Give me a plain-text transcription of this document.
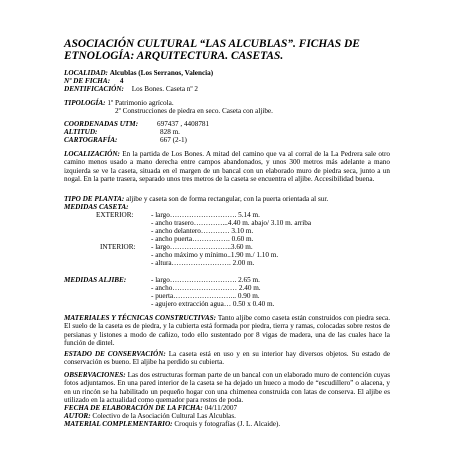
ASOCIACIÓN CULTURAL “LAS ALCUBLAS”. FICHAS DE
ETNOLOGÍA: ARQUITECTURA. CASETAS.
LOCALIDAD: Alcublas (Los Serranos, Valencia)
Nº DE FICHA: 4
DENTIFICACIÓN: Los Bones. Caseta nº 2
TIPOLOGÍA: 1º Patrimonio agrícola.
2º Construcciones de piedra en seco. Caseta con aljibe.
COORDENADAS UTM:	697437 , 4408781
ALTITUD:	828 m.
CARTOGRAFÍA:	667 (2-1)
LOCALIZACIÓN: En la partida de Los Bones. A mitad del camino que va al corral de la La Pedrera sale otro camino menos usado a mano derecha entre campos abandonados, y unos 300 metros más adelante a mano izquierda se ve la caseta, situada en el margen de un bancal con un elaborado muro de piedra seca, junto a un nogal. En la parte trasera, separado unos tres metros de la caseta se encuentra el aljibe. Accesibilidad buena.
TIPO DE PLANTA: aljibe y caseta son de forma rectangular, con la puerta orientada al sur.
MEDIDAS CASETA:
EXTERIOR: - largo………………………. 5.14 m.
- ancho trasero…………...4.40 m. abajo/ 3.10 m. arriba
- ancho delantero………… 3.10 m.
- ancho puerta……………. 0.60 m.
INTERIOR: - largo……………………..3.60 m.
- ancho máximo y mínimo..1.90 m./ 1.10 m.
- altura……………………. 2.00 m.
MEDIDAS ALJIBE:	- largo………………………. 2.65 m.
- ancho……………………… 2.40 m.
- puerta……………………... 0.90 m.
- agujero extracción agua… 0.50 x 0.40 m.
MATERIALES Y TÉCNICAS CONSTRUCTIVAS: Tanto aljibe como caseta están construidos con piedra seca. El suelo de la caseta es de piedra, y la cubierta está formada por piedra, tierra y ramas, colocadas sobre restos de persianas y listones a modo de cañizo, todo ello sustentado por 8 vigas de madera, una de las cuales hace la función de dintel.
ESTADO DE CONSERVACIÓN: La caseta está en uso y en su interior hay diversos objetos. Su estado de conservación es bueno. El aljibe ha perdido su cubierta.
OBSERVACIONES: Las dos estructuras forman parte de un bancal con un elaborado muro de contención cuyas fotos adjuntamos. En una pared interior de la caseta se ha dejado un hueco a modo de “escudillero” o alacena, y en un rincón se ha habilitado un pequeño hogar con una chimenea construida con latas de conserva. El aljibe es utilizado en la actualidad como quemador para restos de poda.
FECHA DE ELABORACIÓN DE LA FICHA: 04/11/2007
AUTOR: Colectivo de la Asociación Cultural Las Alcublas.
MATERIAL COMPLEMENTARIO: Croquis y fotografías (J. L. Alcaide).
